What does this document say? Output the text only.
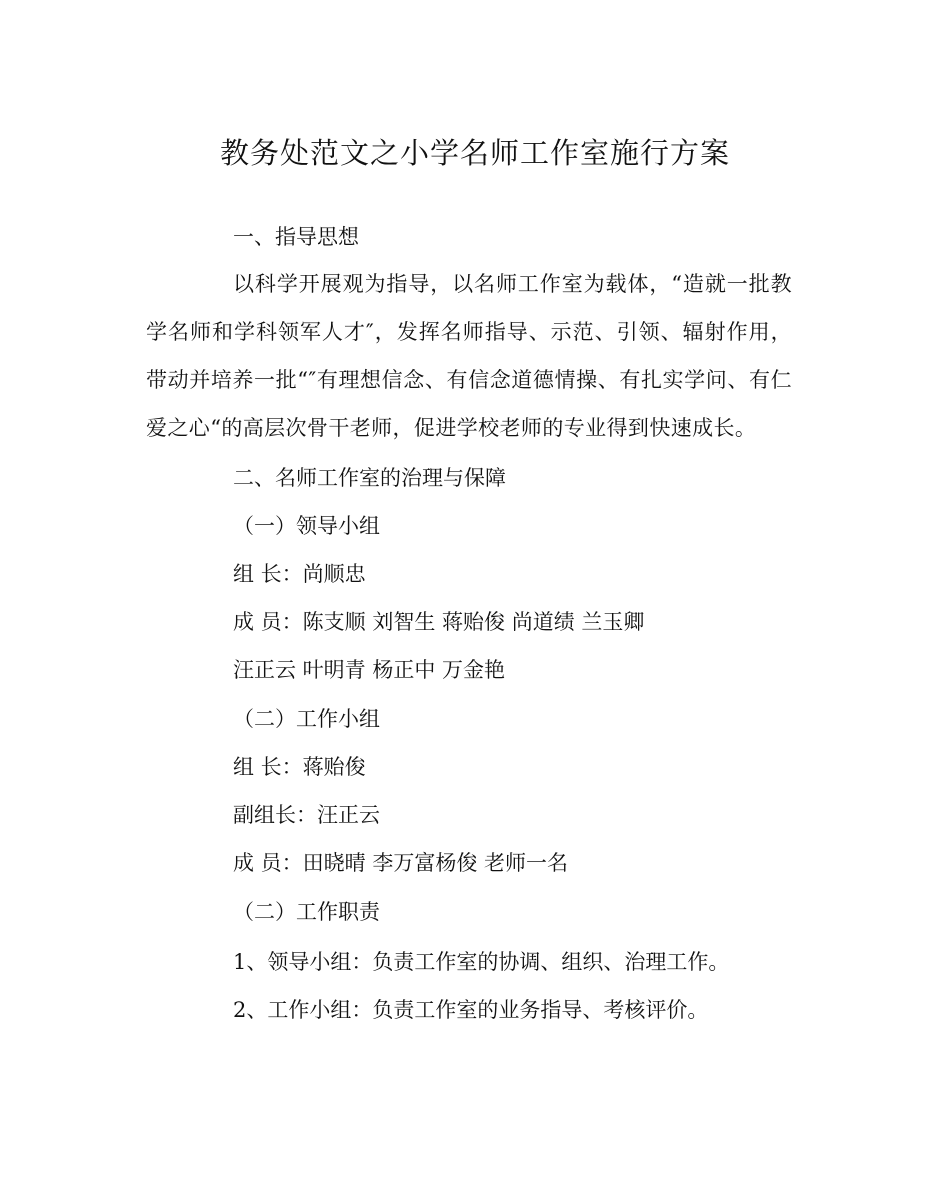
教务处范文之小学名师工作室施行方案

一、指导思想

以科学开展观为指导，以名师工作室为载体，“造就一批教学名师和学科领军人才″，发挥名师指导、示范、引领、辐射作用，带动并培养一批“″有理想信念、有信念道德情操、有扎实学问、有仁爱之心“的高层次骨干老师，促进学校老师的专业得到快速成长。

二、名师工作室的治理与保障

（一）领导小组

组 长：尚顺忠

成 员：陈支顺 刘智生 蒋贻俊 尚道绩 兰玉卿

汪正云 叶明青 杨正中 万金艳

（二）工作小组

组 长：蒋贻俊

副组长：汪正云

成 员：田晓晴 李万富杨俊 老师一名

（二）工作职责

1、领导小组：负责工作室的协调、组织、治理工作。

2、工作小组：负责工作室的业务指导、考核评价。
